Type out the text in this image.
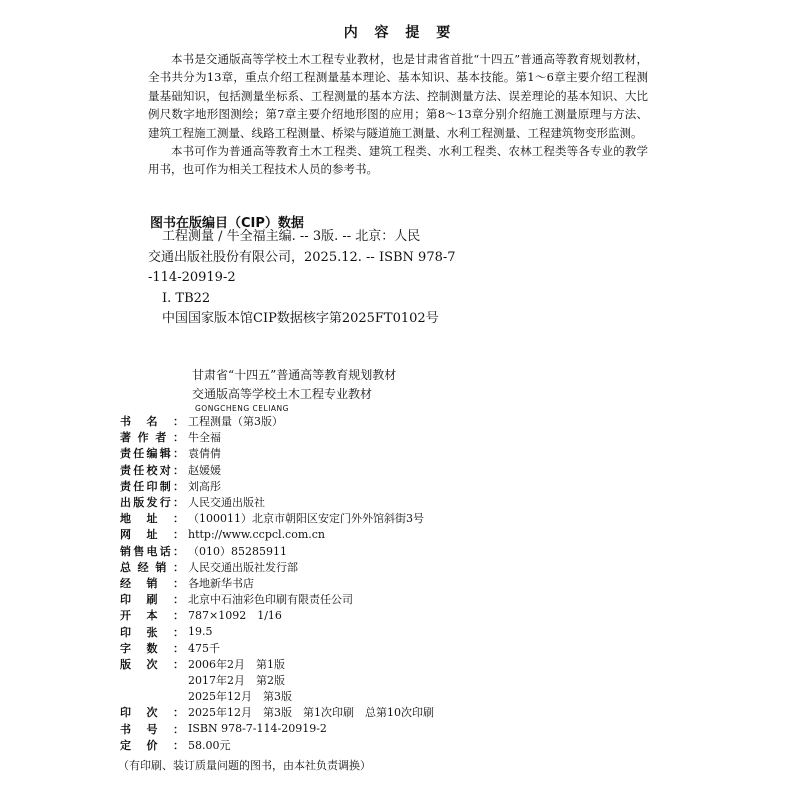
内 容 提 要

本书是交通版高等学校土木工程专业教材，也是甘肃省首批“十四五”普通高等教育规划教材，全书共分为13章，重点介绍工程测量基本理论、基本知识、基本技能。第1～6章主要介绍工程测量基础知识，包括测量坐标系、工程测量的基本方法、控制测量方法、误差理论的基本知识、大比例尺数字地形图测绘；第7章主要介绍地形图的应用；第8～13章分别介绍施工测量原理与方法、建筑工程施工测量、线路工程测量、桥梁与隧道施工测量、水利工程测量、工程建筑物变形监测。

本书可作为普通高等教育土木工程类、建筑工程类、水利工程类、农林工程类等各专业的教学用书，也可作为相关工程技术人员的参考书。

图书在版编目（CIP）数据
工程测量 / 牛全福主编. -- 3版. -- 北京：人民
交通出版社股份有限公司，2025.12. -- ISBN 978-7
-114-20919-2
Ⅰ. TB22
中国国家版本馆CIP数据核字第2025FT0102号
甘肃省“十四五”普通高等教育规划教材
交通版高等学校土木工程专业教材
GONGCHENG CELIANG
书 名 ： 工程测量（第3版）
著 作 者 ： 牛全福
责 任 编 辑 ： 袁倩倩
责 任 校 对 ： 赵媛媛
责 任 印 制 ： 刘高彤
出 版 发 行 ： 人民交通出版社
地 址 ： （100011）北京市朝阳区安定门外外馆斜街3号
网 址 ： http://www.ccpcl.com.cn
销 售 电 话 ： （010）85285911
总 经 销 ： 人民交通出版社发行部
经 销 ： 各地新华书店
印 刷 ： 北京中石油彩色印刷有限责任公司
开 本 ： 787×1092　1/16
印 张 ： 19.5
字 数 ： 475千
版 次 ： 2006年2月　第1版
2017年2月　第2版
2025年12月　第3版
印 次 ： 2025年12月　第3版　第1次印刷　总第10次印刷
书 号 ： ISBN 978-7-114-20919-2
定 价 ： 58.00元
（有印刷、装订质量问题的图书，由本社负责调换）
